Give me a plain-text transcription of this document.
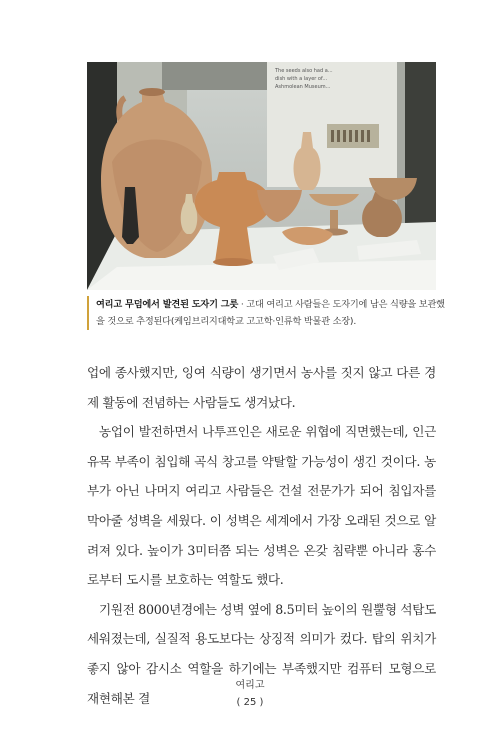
The seeds also had a...
dish with a layer of...
Ashmolean Museum...
여리고 무덤에서 발견된 도자기 그릇 · 고대 여리고 사람들은 도자기에 남은 식량을 보관했을 것으로 추정된다(케임브리지대학교 고고학·인류학 박물관 소장).

업에 종사했지만, 잉여 식량이 생기면서 농사를 짓지 않고 다른 경제 활동에 전념하는 사람들도 생겨났다.

농업이 발전하면서 나투프인은 새로운 위협에 직면했는데, 인근 유목 부족이 침입해 곡식 창고를 약탈할 가능성이 생긴 것이다. 농부가 아닌 나머지 여리고 사람들은 건설 전문가가 되어 침입자를 막아줄 성벽을 세웠다. 이 성벽은 세계에서 가장 오래된 것으로 알려져 있다. 높이가 3미터쯤 되는 성벽은 온갖 침략뿐 아니라 홍수로부터 도시를 보호하는 역할도 했다.

기원전 8000년경에는 성벽 옆에 8.5미터 높이의 원뿔형 석탑도 세워졌는데, 실질적 용도보다는 상징적 의미가 컸다. 탑의 위치가 좋지 않아 감시소 역할을 하기에는 부족했지만 컴퓨터 모형으로 재현해본 결

여리고
( 25 )
